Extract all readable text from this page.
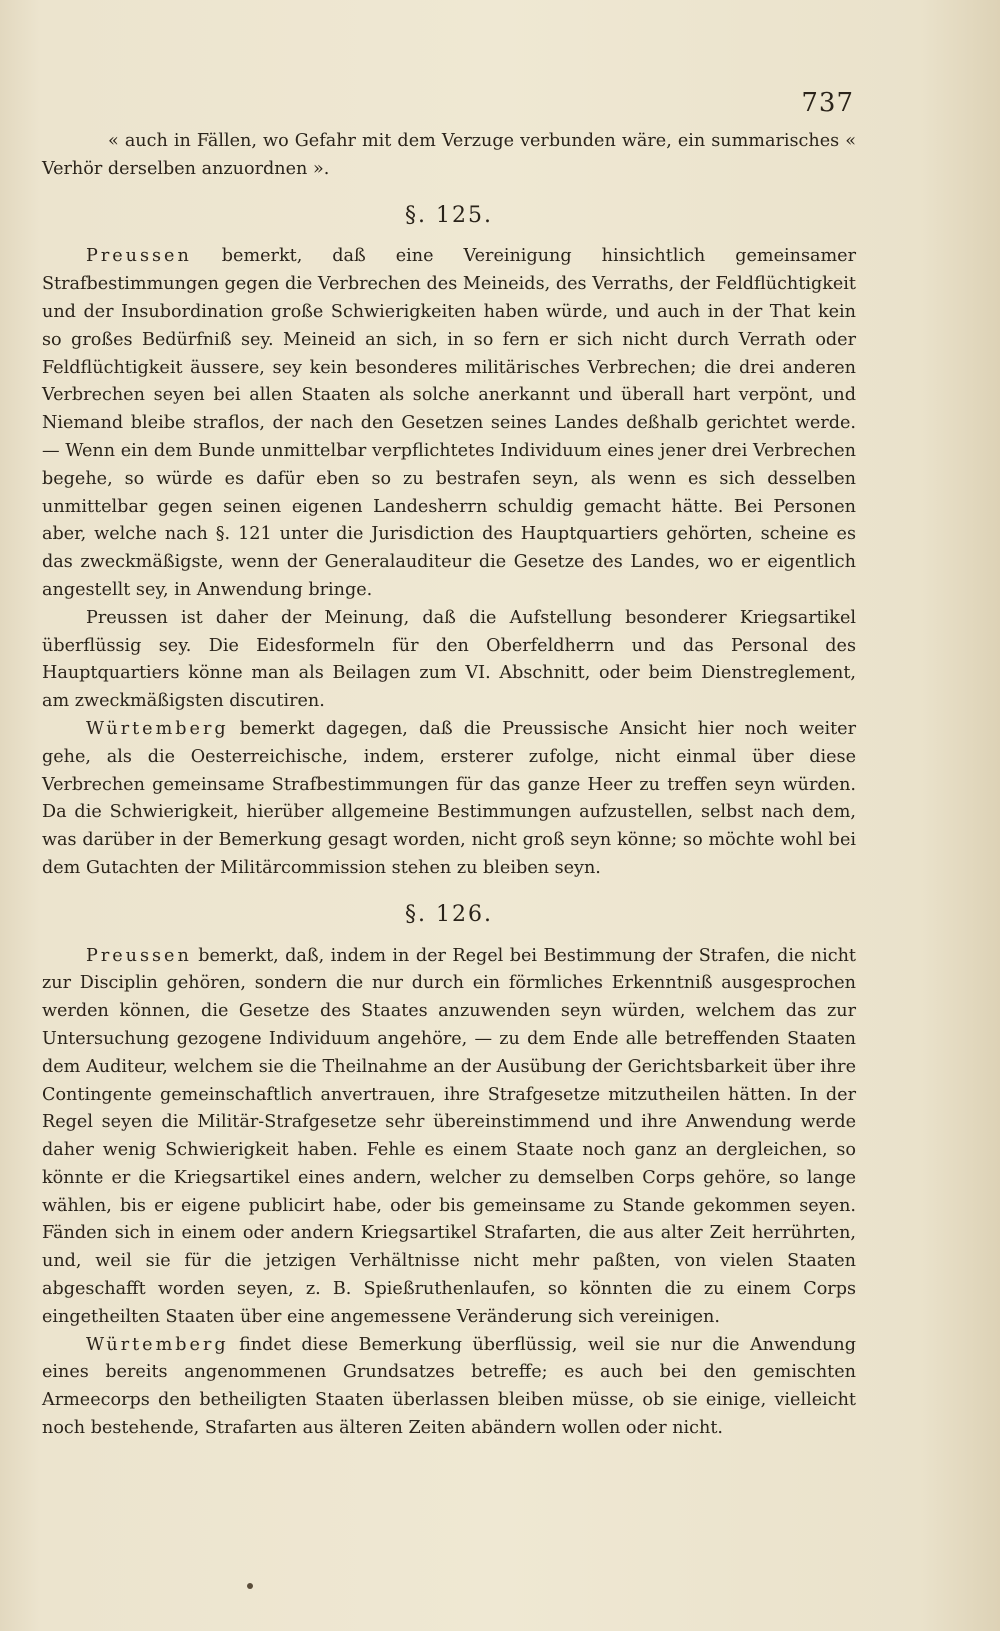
737

« auch in Fällen, wo Gefahr mit dem Verzuge verbunden wäre, ein summarisches « Verhör derselben anzuordnen ».

§. 125.

Preussen bemerkt, daß eine Vereinigung hinsichtlich gemeinsamer Strafbestimmungen gegen die Verbrechen des Meineids, des Verraths, der Feldflüchtigkeit und der Insubordination große Schwierigkeiten haben würde, und auch in der That kein so großes Bedürfniß sey. Meineid an sich, in so fern er sich nicht durch Verrath oder Feldflüchtigkeit äussere, sey kein besonderes militärisches Verbrechen; die drei anderen Verbrechen seyen bei allen Staaten als solche anerkannt und überall hart verpönt, und Niemand bleibe straflos, der nach den Gesetzen seines Landes deßhalb gerichtet werde. — Wenn ein dem Bunde unmittelbar verpflichtetes Individuum eines jener drei Verbrechen begehe, so würde es dafür eben so zu bestrafen seyn, als wenn es sich desselben unmittelbar gegen seinen eigenen Landesherrn schuldig gemacht hätte. Bei Personen aber, welche nach §. 121 unter die Jurisdiction des Hauptquartiers gehörten, scheine es das zweckmäßigste, wenn der Generalauditeur die Gesetze des Landes, wo er eigentlich angestellt sey, in Anwendung bringe.

Preussen ist daher der Meinung, daß die Aufstellung besonderer Kriegsartikel überflüssig sey. Die Eidesformeln für den Oberfeldherrn und das Personal des Hauptquartiers könne man als Beilagen zum VI. Abschnitt, oder beim Dienstreglement, am zweckmäßigsten discutiren.

Würtemberg bemerkt dagegen, daß die Preussische Ansicht hier noch weiter gehe, als die Oesterreichische, indem, ersterer zufolge, nicht einmal über diese Verbrechen gemeinsame Strafbestimmungen für das ganze Heer zu treffen seyn würden. Da die Schwierigkeit, hierüber allgemeine Bestimmungen aufzustellen, selbst nach dem, was darüber in der Bemerkung gesagt worden, nicht groß seyn könne; so möchte wohl bei dem Gutachten der Militärcommission stehen zu bleiben seyn.

§. 126.

Preussen bemerkt, daß, indem in der Regel bei Bestimmung der Strafen, die nicht zur Disciplin gehören, sondern die nur durch ein förmliches Erkenntniß ausgesprochen werden können, die Gesetze des Staates anzuwenden seyn würden, welchem das zur Untersuchung gezogene Individuum angehöre, — zu dem Ende alle betreffenden Staaten dem Auditeur, welchem sie die Theilnahme an der Ausübung der Gerichtsbarkeit über ihre Contingente gemeinschaftlich anvertrauen, ihre Strafgesetze mitzutheilen hätten. In der Regel seyen die Militär-Strafgesetze sehr übereinstimmend und ihre Anwendung werde daher wenig Schwierigkeit haben. Fehle es einem Staate noch ganz an dergleichen, so könnte er die Kriegsartikel eines andern, welcher zu demselben Corps gehöre, so lange wählen, bis er eigene publicirt habe, oder bis gemeinsame zu Stande gekommen seyen. Fänden sich in einem oder andern Kriegsartikel Strafarten, die aus alter Zeit herrührten, und, weil sie für die jetzigen Verhältnisse nicht mehr paßten, von vielen Staaten abgeschafft worden seyen, z. B. Spießruthenlaufen, so könnten die zu einem Corps eingetheilten Staaten über eine angemessene Veränderung sich vereinigen.

Würtemberg findet diese Bemerkung überflüssig, weil sie nur die Anwendung eines bereits angenommenen Grundsatzes betreffe; es auch bei den gemischten Armeecorps den betheiligten Staaten überlassen bleiben müsse, ob sie einige, vielleicht noch bestehende, Strafarten aus älteren Zeiten abändern wollen oder nicht.
